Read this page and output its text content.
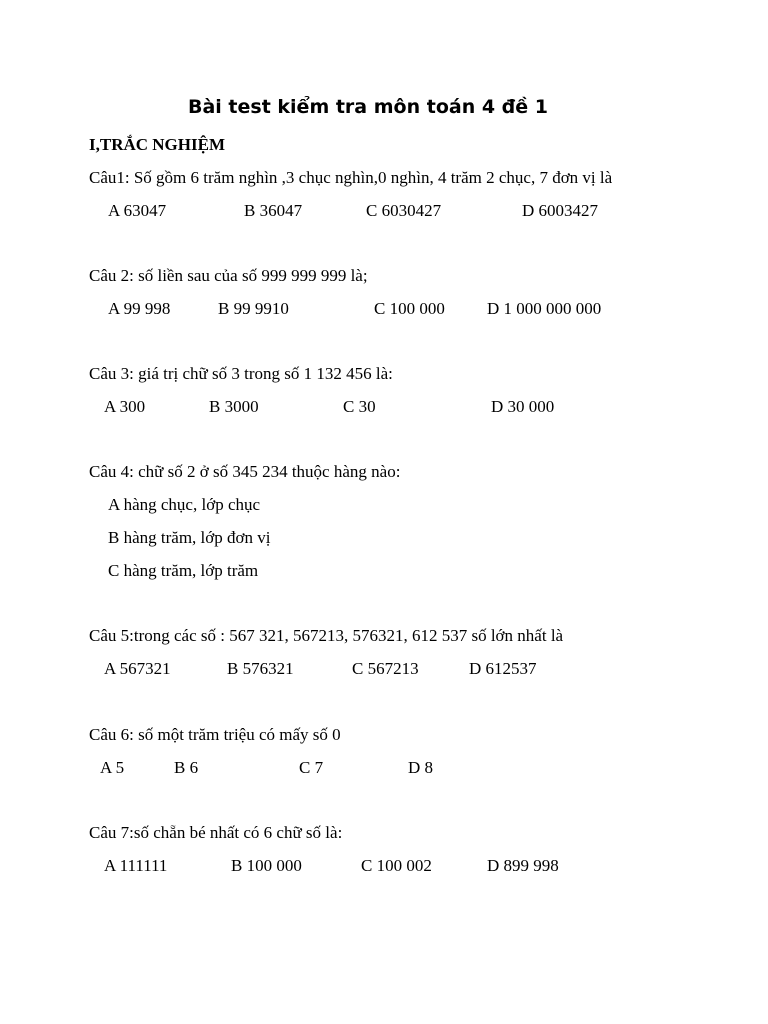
Bài test kiểm tra môn toán 4 đề 1
I,TRẮC NGHIỆM
Câu1: Số gồm 6 trăm nghìn ,3 chục nghìn,0 nghìn, 4 trăm 2 chục, 7 đơn vị là
A 63047	B 36047	C 6030427	D 6003427
Câu 2: số liền sau của số 999 999 999 là;
A 99 998	B 99 9910	C 100 000 D 1 000 000 000
Câu 3: giá trị chữ số 3 trong số 1 132 456 là:
A 300	B 3000	C 30	D 30 000
Câu 4: chữ số 2 ở số 345 234 thuộc hàng nào:
A hàng chục, lớp chục
B hàng trăm, lớp đơn vị
C hàng trăm, lớp trăm
Câu 5:trong các số : 567 321, 567213, 576321, 612 537 số lớn nhất là
A 567321	B 576321	C 567213	D 612537
Câu 6: số một trăm triệu có mấy số 0
A 5	B 6	C 7	D 8
Câu 7:số chẵn bé nhất có 6 chữ số là:
A 111111	B 100 000	C 100 002	D 899 998
